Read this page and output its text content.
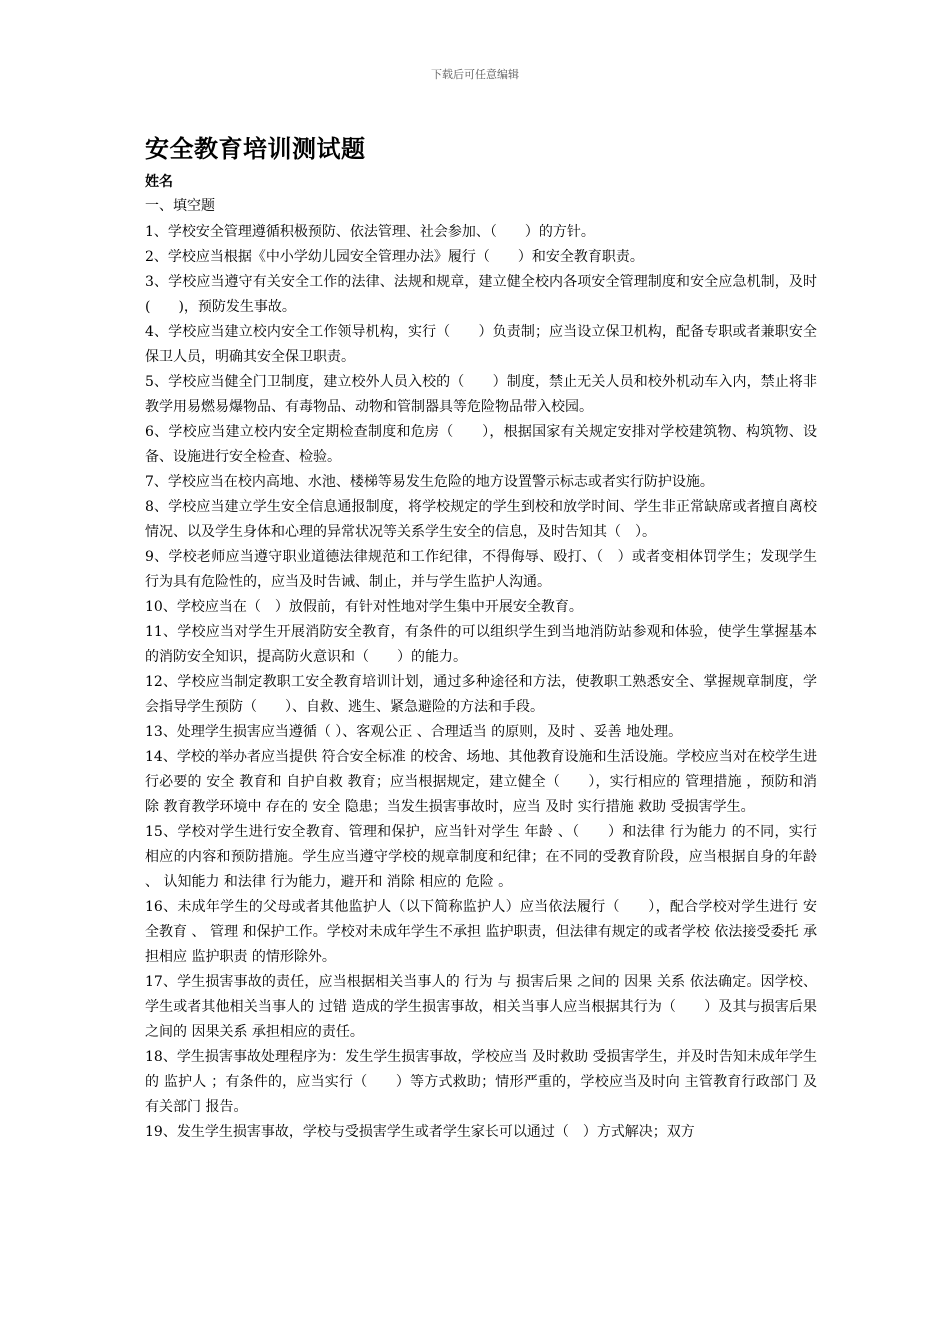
下载后可任意编辑
安全教育培训测试题
姓名
一、填空题

1、学校安全管理遵循积极预防、依法管理、社会参加、（　　）的方针。

2、学校应当根据《中小学幼儿园安全管理办法》履行（　　）和安全教育职责。

3、学校应当遵守有关安全工作的法律、法规和规章，建立健全校内各项安全管理制度和安全应急机制，及时(　　)，预防发生事故。

4、学校应当建立校内安全工作领导机构，实行（　　）负责制；应当设立保卫机构，配备专职或者兼职安全保卫人员，明确其安全保卫职责。

5、学校应当健全门卫制度，建立校外人员入校的（　　）制度，禁止无关人员和校外机动车入内，禁止将非教学用易燃易爆物品、有毒物品、动物和管制器具等危险物品带入校园。

6、学校应当建立校内安全定期检查制度和危房（　　），根据国家有关规定安排对学校建筑物、构筑物、设备、设施进行安全检查、检验。

7、学校应当在校内高地、水池、楼梯等易发生危险的地方设置警示标志或者实行防护设施。

8、学校应当建立学生安全信息通报制度，将学校规定的学生到校和放学时间、学生非正常缺席或者擅自离校情况、以及学生身体和心理的异常状况等关系学生安全的信息，及时告知其（　）。

9、学校老师应当遵守职业道德法律规范和工作纪律，不得侮辱、殴打、（　）或者变相体罚学生；发现学生行为具有危险性的，应当及时告诫、制止，并与学生监护人沟通。

10、学校应当在（　）放假前，有针对性地对学生集中开展安全教育。

11、学校应当对学生开展消防安全教育，有条件的可以组织学生到当地消防站参观和体验，使学生掌握基本的消防安全知识，提高防火意识和（　　）的能力。

12、学校应当制定教职工安全教育培训计划，通过多种途径和方法，使教职工熟悉安全、掌握规章制度，学会指导学生预防（　　）、自救、逃生、紧急避险的方法和手段。

13、处理学生损害应当遵循（ ）、客观公正 、合理适当 的原则，及时 、妥善 地处理。

14、学校的举办者应当提供 符合安全标准 的校舍、场地、其他教育设施和生活设施。学校应当对在校学生进行必要的 安全 教育和 自护自救 教育；应当根据规定，建立健全（　　），实行相应的 管理措施 ，预防和消除 教育教学环境中 存在的 安全 隐患；当发生损害事故时，应当 及时 实行措施 救助 受损害学生。

15、学校对学生进行安全教育、管理和保护，应当针对学生 年龄 、（　　）和法律 行为能力 的不同，实行相应的内容和预防措施。学生应当遵守学校的规章制度和纪律；在不同的受教育阶段，应当根据自身的年龄 、 认知能力 和法律 行为能力，避开和 消除 相应的 危险 。

16、未成年学生的父母或者其他监护人（以下简称监护人）应当依法履行（　　），配合学校对学生进行 安全教育 、 管理 和保护工作。学校对未成年学生不承担 监护职责，但法律有规定的或者学校 依法接受委托 承担相应 监护职责 的情形除外。

17、学生损害事故的责任，应当根据相关当事人的 行为 与 损害后果 之间的 因果 关系 依法确定。因学校、学生或者其他相关当事人的 过错 造成的学生损害事故，相关当事人应当根据其行为（　　）及其与损害后果之间的 因果关系 承担相应的责任。

18、学生损害事故处理程序为：发生学生损害事故，学校应当 及时救助 受损害学生，并及时告知未成年学生的 监护人 ；有条件的，应当实行（　　）等方式救助；情形严重的，学校应当及时向 主管教育行政部门 及 有关部门 报告。

19、发生学生损害事故，学校与受损害学生或者学生家长可以通过（　）方式解决；双方
